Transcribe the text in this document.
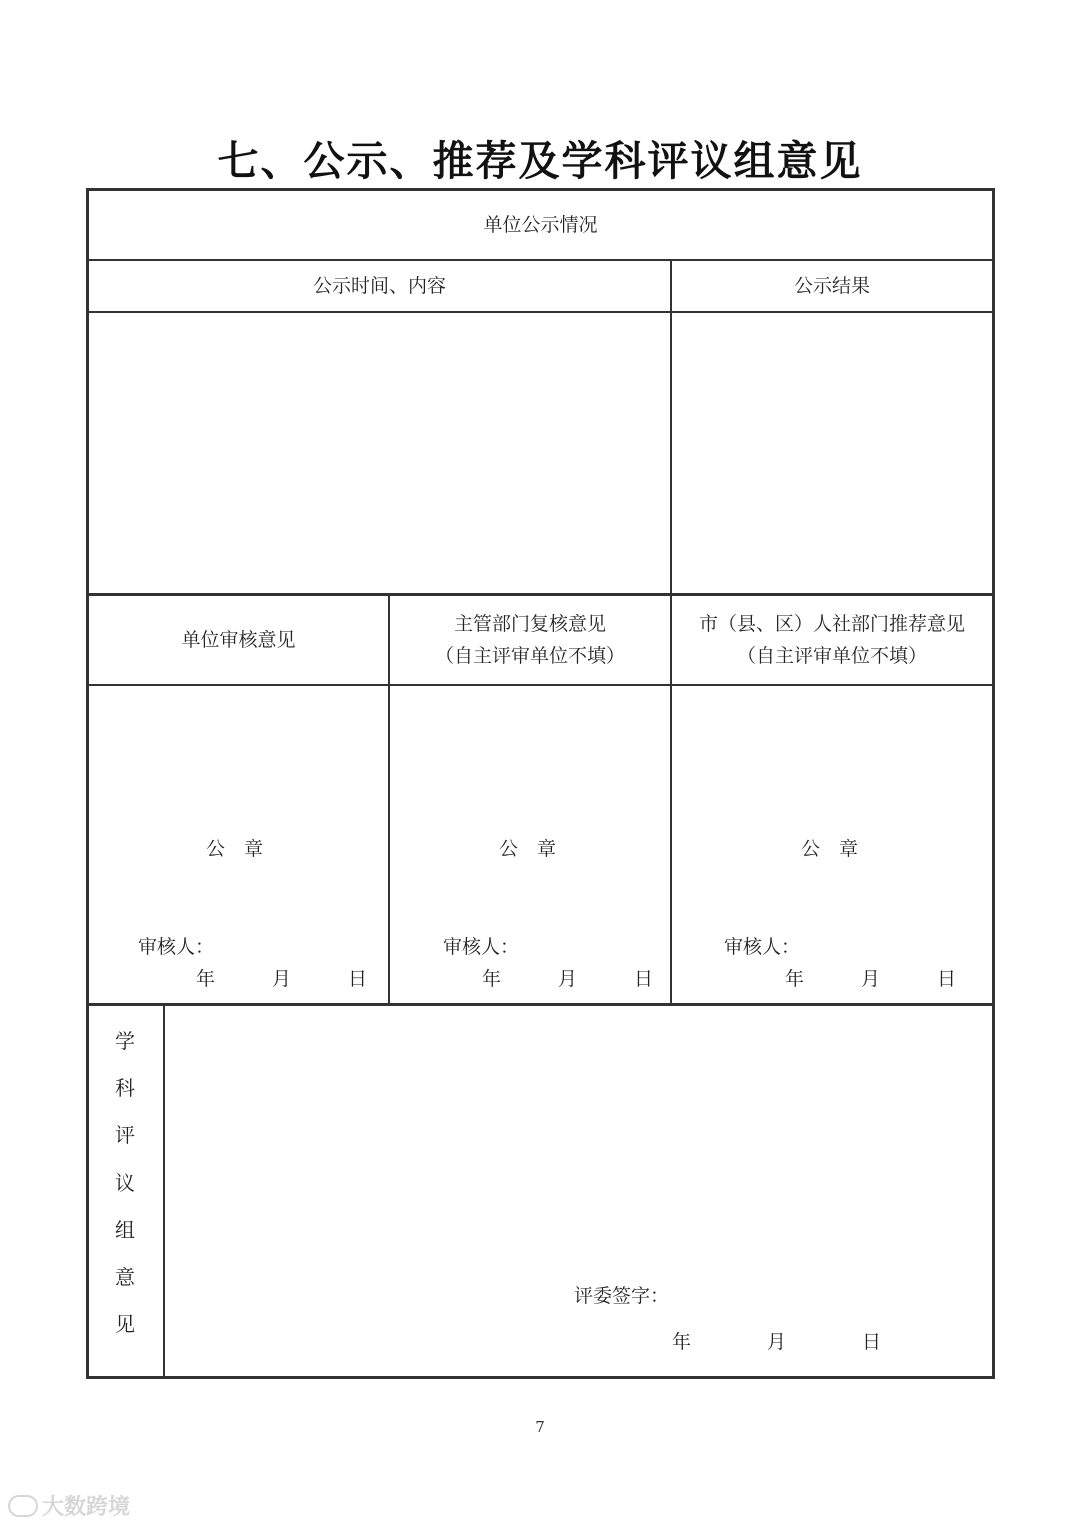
七、公示、推荐及学科评议组意见
单位公示情况
公示时间、内容	公示结果
单位审核意见
主管部门复核意见
（自主评审单位不填）
市（县、区）人社部门推荐意见
（自主评审单位不填）
公　章
审核人：
年　　　月　　　日
公　章
审核人：
年　　　月　　　日
公　章
审核人：
年　　　月　　　日
学
科
评
议
组
意
见
评委签字：
年　　　　月　　　　日
7
大数跨境
